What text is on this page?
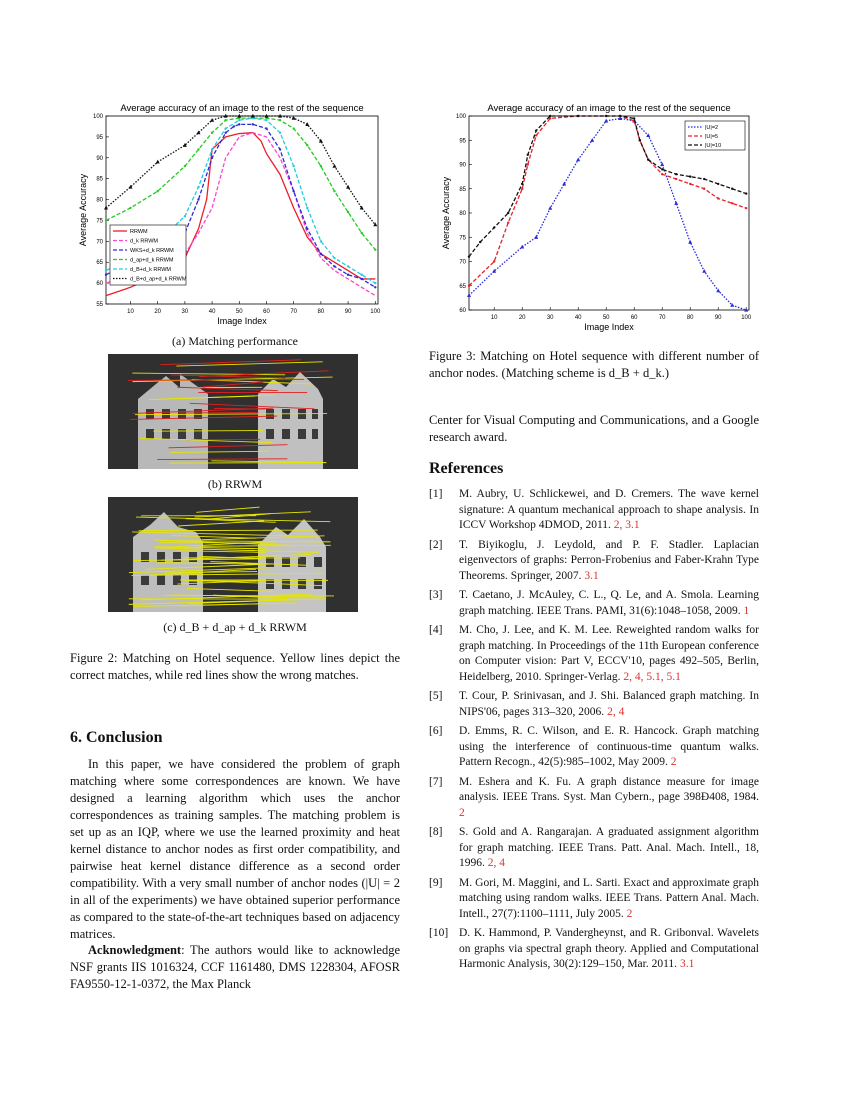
Average accuracy of an image to the rest of the sequence
10	20	30	40	50	60	70	80	90	100
55
60
65
70
75
80
85
90
95
100
Image Index
Average Accuracy	RRWM
d_k RRWM
WKS+d_k RRWM
d_ap+d_k RRWM
d_B+d_k RRWM
d_B+d_ap+d_k RRWM
(a) Matching performance
(b) RRWM
(c) d_B + d_ap + d_k RRWM
Figure 2: Matching on Hotel sequence. Yellow lines depict the correct matches, while red lines show the wrong matches.
6. Conclusion

In this paper, we have considered the problem of graph matching where some correspondences are known. We have designed a learning algorithm which uses the anchor correspondences as training samples. The matching problem is set up as an IQP, where we use the learned proximity and heat kernel distance to anchor nodes as first order compatibility, and pairwise heat kernel distance difference as a second order compatibility. With a very small number of anchor nodes (|U| = 2 in all of the experiments) we have obtained superior performance as compared to the state-of-the-art techniques based on adjacency matrices.

Acknowledgment: The authors would like to acknowledge NSF grants IIS 1016324, CCF 1161480, DMS 1228304, AFOSR FA9550-12-1-0372, the Max Planck

Average accuracy of an image to the rest of the sequence
10	20	30	40	50	60	70	80	90	100
60
65
70
75
80
85
90
95
100
Image Index
Average Accuracy
|U|=2
|U|=5
|U|=10
Figure 3: Matching on Hotel sequence with different number of anchor nodes. (Matching scheme is d_B + d_k.)

Center for Visual Computing and Communications, and a Google research award.

References
[1] M. Aubry, U. Schlickewei, and D. Cremers. The wave kernel signature: A quantum mechanical approach to shape analysis. In ICCV Workshop 4DMOD, 2011. 2, 3.1
[2] T. Biyikoglu, J. Leydold, and P. F. Stadler. Laplacian eigenvectors of graphs: Perron-Frobenius and Faber-Krahn Type Theorems. Springer, 2007. 3.1
[3] T. Caetano, J. McAuley, C. L., Q. Le, and A. Smola. Learning graph matching. IEEE Trans. PAMI, 31(6):1048–1058, 2009. 1
[4] M. Cho, J. Lee, and K. M. Lee. Reweighted random walks for graph matching. In Proceedings of the 11th European conference on Computer vision: Part V, ECCV'10, pages 492–505, Berlin, Heidelberg, 2010. Springer-Verlag. 2, 4, 5.1, 5.1
[5] T. Cour, P. Srinivasan, and J. Shi. Balanced graph matching. In NIPS'06, pages 313–320, 2006. 2, 4
[6] D. Emms, R. C. Wilson, and E. R. Hancock. Graph matching using the interference of continuous-time quantum walks. Pattern Recogn., 42(5):985–1002, May 2009. 2
[7] M. Eshera and K. Fu. A graph distance measure for image analysis. IEEE Trans. Syst. Man Cybern., page 398Ð408, 1984. 2
[8] S. Gold and A. Rangarajan. A graduated assignment algorithm for graph matching. IEEE Trans. Patt. Anal. Mach. Intell., 18, 1996. 2, 4
[9] M. Gori, M. Maggini, and L. Sarti. Exact and approximate graph matching using random walks. IEEE Trans. Pattern Anal. Mach. Intell., 27(7):1100–1111, July 2005. 2
[10] D. K. Hammond, P. Vandergheynst, and R. Gribonval. Wavelets on graphs via spectral graph theory. Applied and Computational Harmonic Analysis, 30(2):129–150, Mar. 2011. 3.1
